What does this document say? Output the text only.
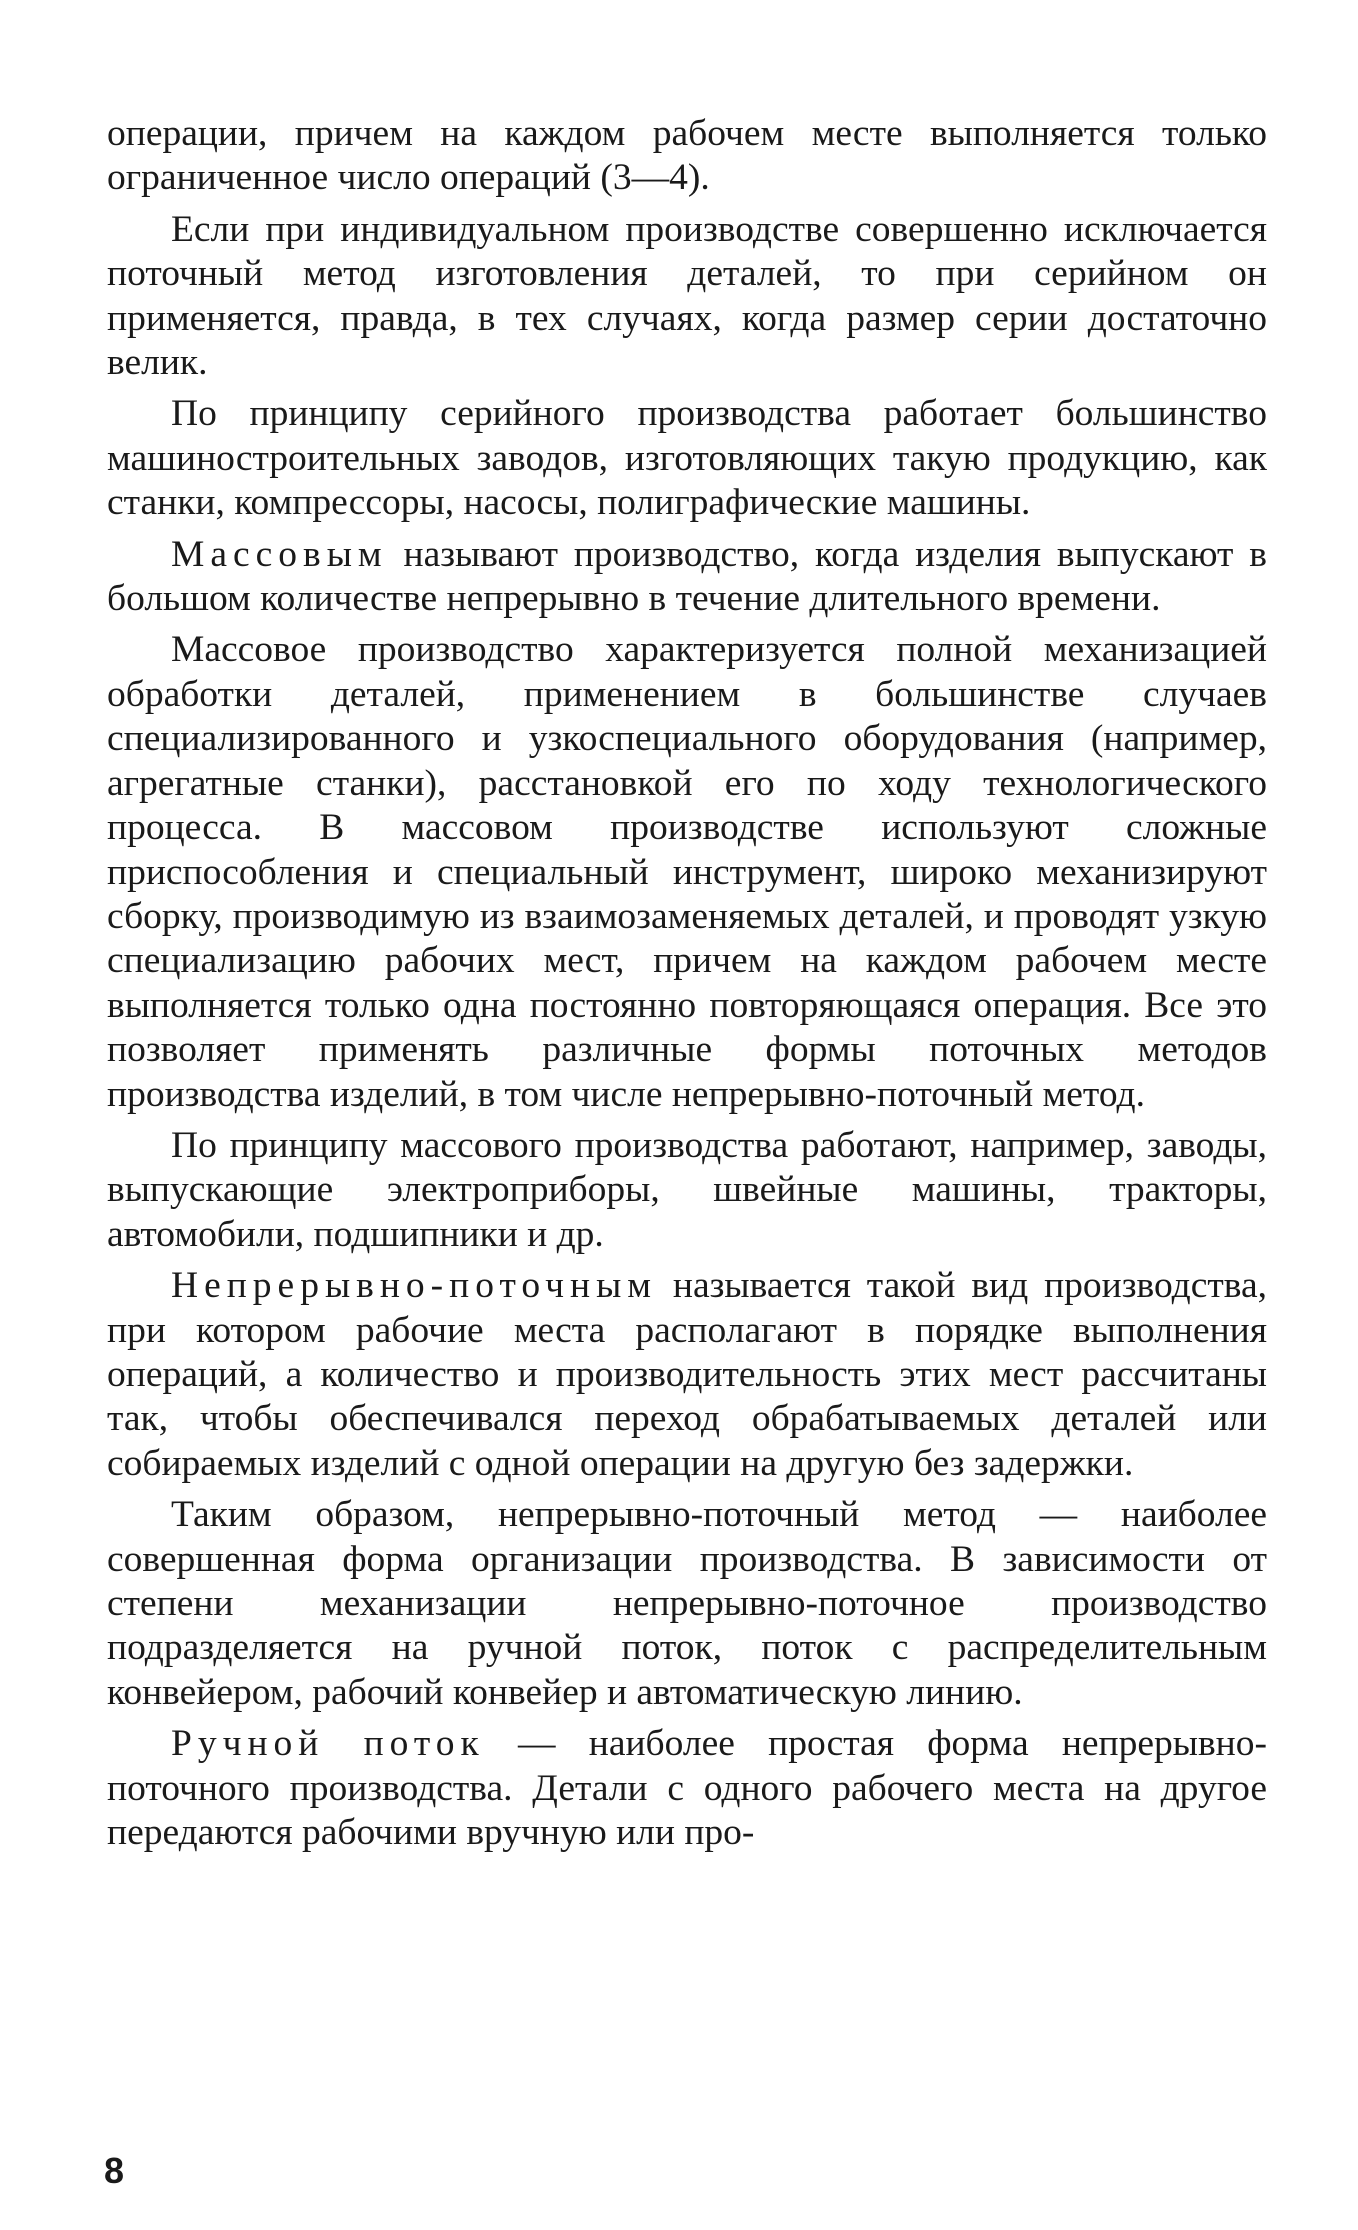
операции, причем на каждом рабочем месте выполняется только ограниченное число операций (3—4).

Если при индивидуальном производстве совершенно исключается поточный метод изготовления деталей, то при серийном он применяется, правда, в тех случаях, когда размер серии достаточно велик.

По принципу серийного производства работает большинство машиностроительных заводов, изготовляющих такую продукцию, как станки, компрессоры, насосы, полиграфические машины.

Массовым называют производство, когда изделия выпускают в большом количестве непрерывно в течение длительного времени.

Массовое производство характеризуется полной механизацией обработки деталей, применением в большинстве случаев специализированного и узкоспециального оборудования (например, агрегатные станки), расстановкой его по ходу технологического процесса. В массовом производстве используют сложные приспособления и специальный инструмент, широко механизируют сборку, производимую из взаимозаменяемых деталей, и проводят узкую специализацию рабочих мест, причем на каждом рабочем месте выполняется только одна постоянно повторяющаяся операция. Все это позволяет применять различные формы поточных методов производства изделий, в том числе непрерывно-поточный метод.

По принципу массового производства работают, например, заводы, выпускающие электроприборы, швейные машины, тракторы, автомобили, подшипники и др.

Непрерывно-поточным называется такой вид производства, при котором рабочие места располагают в порядке выполнения операций, а количество и производительность этих мест рассчитаны так, чтобы обеспечивался переход обрабатываемых деталей или собираемых изделий с одной операции на другую без задержки.

Таким образом, непрерывно-поточный метод — наиболее совершенная форма организации производства. В зависимости от степени механизации непрерывно-поточное производство подразделяется на ручной поток, поток с распределительным конвейером, рабочий конвейер и автоматическую линию.

Ручной поток — наиболее простая форма непрерывно-поточного производства. Детали с одного рабочего места на другое передаются рабочими вручную или про-

8
